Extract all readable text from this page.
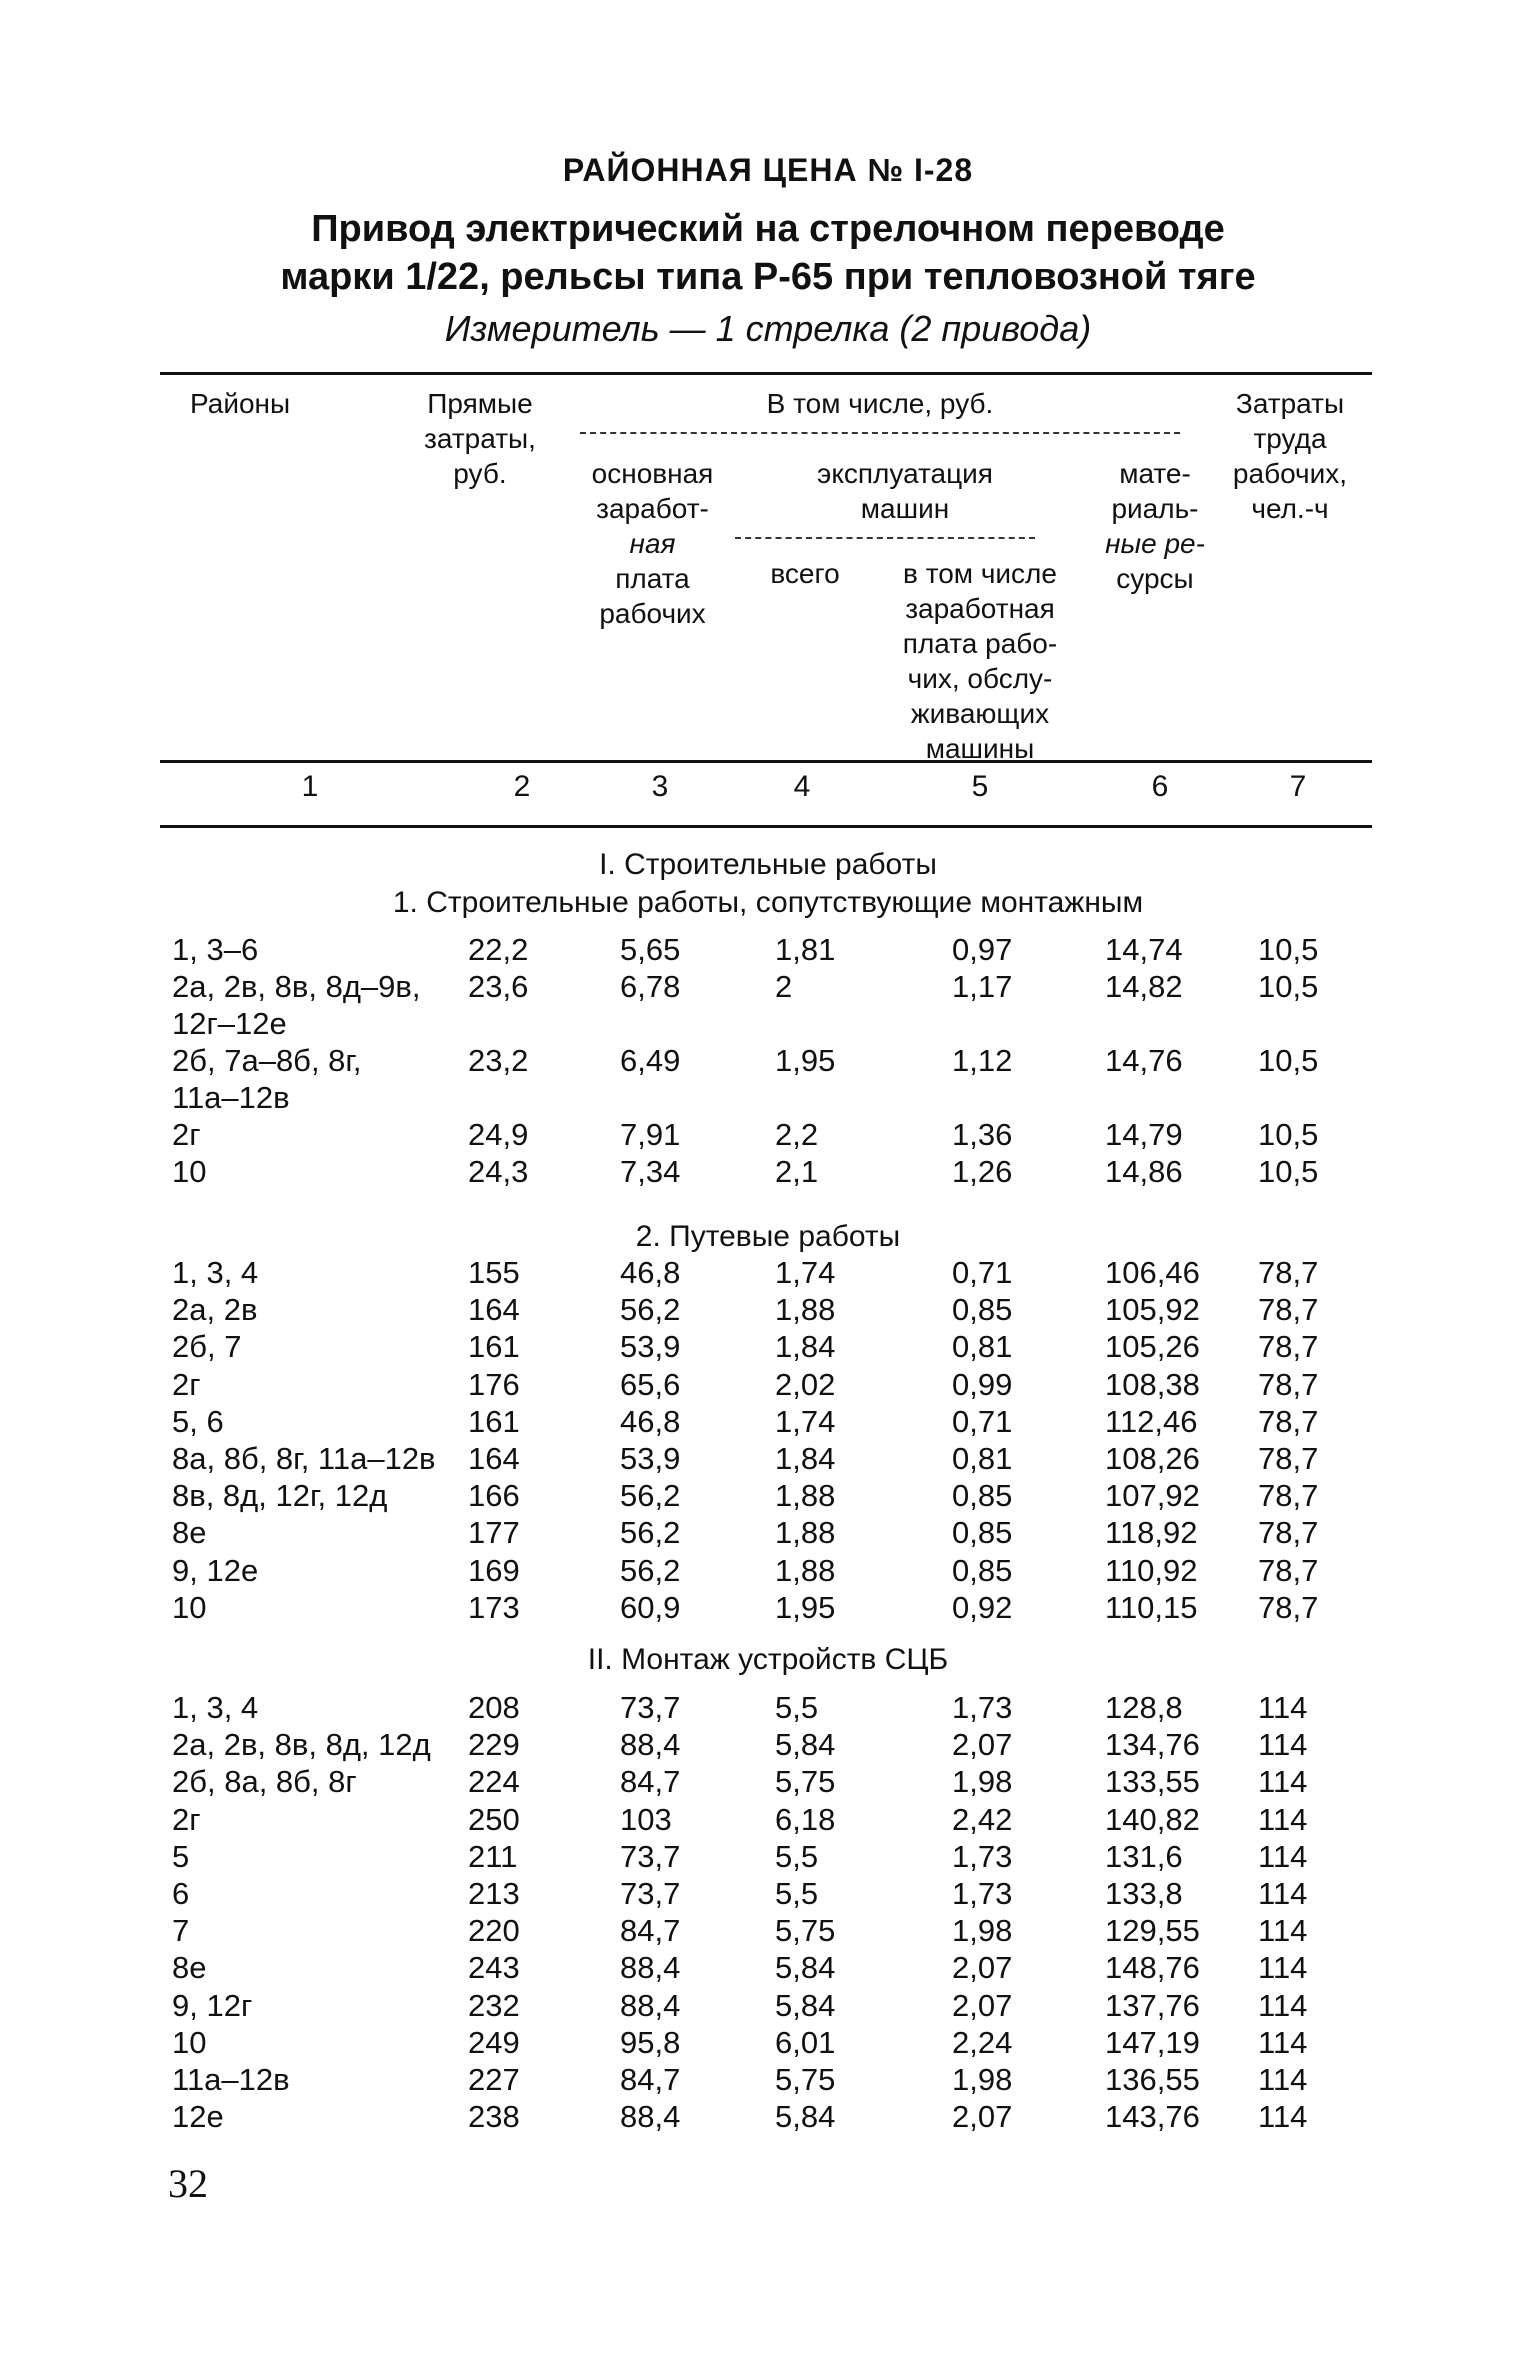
РАЙОННАЯ ЦЕНА № I-28
Привод электрический на стрелочном переводе
марки 1/22, рельсы типа Р-65 при тепловозной тяге
Измеритель — 1 стрелка (2 привода)
Районы	Прямые
затраты,
руб.
В том числе, руб.
основная
заработ-
ная
плата
рабочих
эксплуатация
машин
всего	в том числе
заработная
плата рабо-
чих, обслу-
живающих
машины
мате-
риаль-
ные ре-
сурсы
Затраты
труда
рабочих,
чел.-ч
1	2	3	4	5	6	7
I. Строительные работы
1. Строительные работы, сопутствующие монтажным
2. Путевые работы
II. Монтаж устройств СЦБ
1, 3–6	22,2	5,65	1,81	0,97	14,74 10,5
2а, 2в, 8в, 8д–9в, 23,6	6,78	2	1,17	14,82 10,5
12г–12е
2б, 7а–8б, 8г,	23,2	6,49	1,95	1,12	14,76 10,5
11а–12в
2г	24,9	7,91	2,2	1,36	14,79 10,5
10	24,3	7,34	2,1	1,26	14,86 10,5
1, 3, 4	155	46,8	1,74	0,71	106,46 78,7
2а, 2в	164	56,2	1,88	0,85	105,92 78,7
2б, 7	161	53,9	1,84	0,81	105,26 78,7
2г	176	65,6	2,02	0,99	108,38 78,7
5, 6	161	46,8	1,74	0,71	112,46 78,7
8а, 8б, 8г, 11а–12в 164	53,9	1,84	0,81	108,26 78,7
8в, 8д, 12г, 12д	166	56,2	1,88	0,85	107,92 78,7
8е	177	56,2	1,88	0,85	118,92 78,7
9, 12е	169	56,2	1,88	0,85	110,92 78,7
10	173	60,9	1,95	0,92	110,15 78,7
1, 3, 4	208	73,7	5,5	1,73	128,8 114
2а, 2в, 8в, 8д, 12д 229	88,4	5,84	2,07	134,76 114
2б, 8а, 8б, 8г	224	84,7	5,75	1,98	133,55 114
2г	250	103	6,18	2,42	140,82 114
5	211	73,7	5,5	1,73	131,6 114
6	213	73,7	5,5	1,73	133,8 114
7	220	84,7	5,75	1,98	129,55 114
8е	243	88,4	5,84	2,07	148,76 114
9, 12г	232	88,4	5,84	2,07	137,76 114
10	249	95,8	6,01	2,24	147,19 114
11а–12в	227	84,7	5,75	1,98	136,55 114
12е	238	88,4	5,84	2,07	143,76 114
32
